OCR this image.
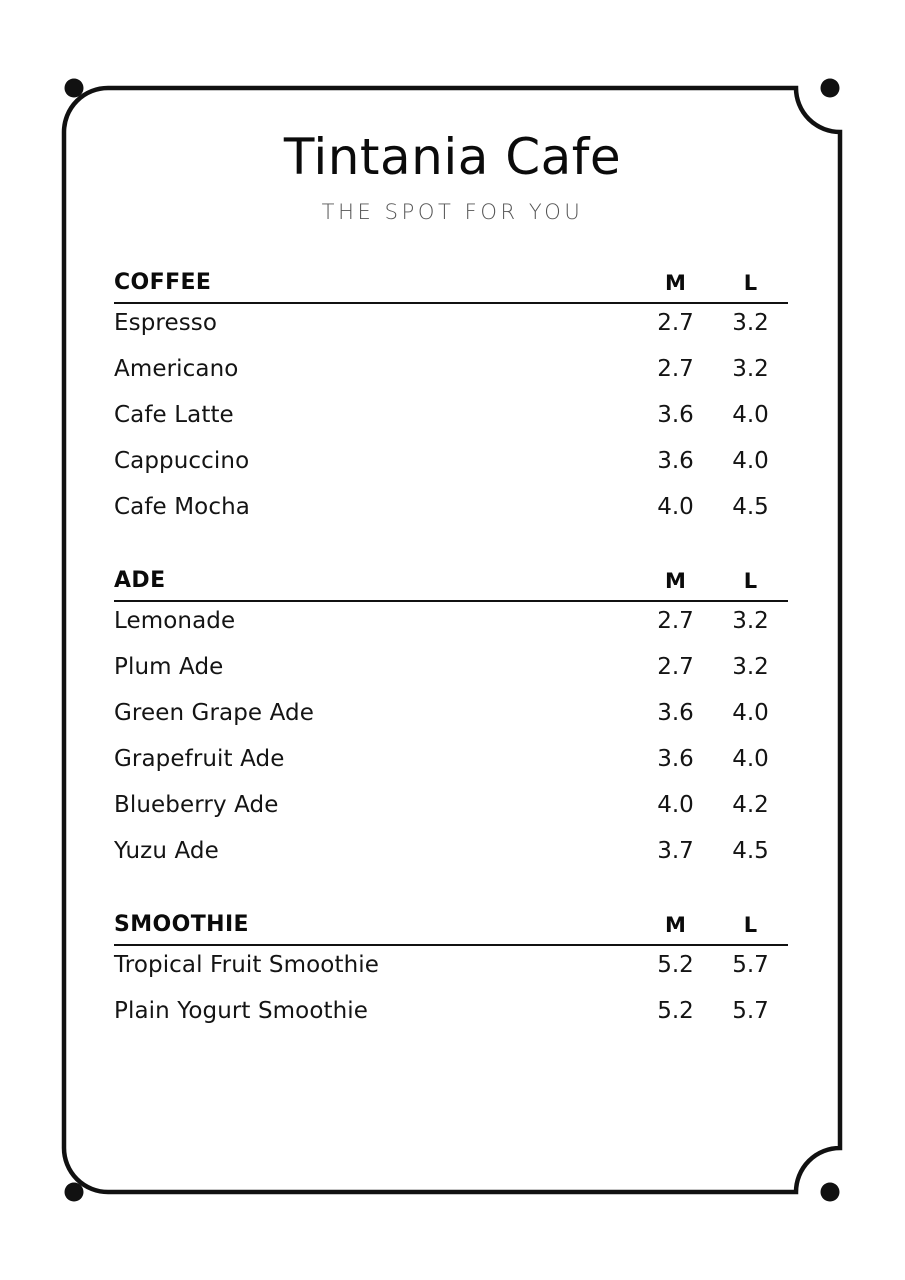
Tintania Cafe

THE SPOT FOR YOU

COFFEE	M	L
Espresso	2.7	3.2
Americano	2.7	3.2
Cafe Latte	3.6	4.0
Cappuccino	3.6	4.0
Cafe Mocha	4.0	4.5
ADE	M	L
Lemonade	2.7	3.2
Plum Ade	2.7	3.2
Green Grape Ade	3.6	4.0
Grapefruit Ade	3.6	4.0
Blueberry Ade	4.0	4.2
Yuzu Ade	3.7	4.5
SMOOTHIE	M	L
Tropical Fruit Smoothie	5.2	5.7
Plain Yogurt Smoothie	5.2	5.7
